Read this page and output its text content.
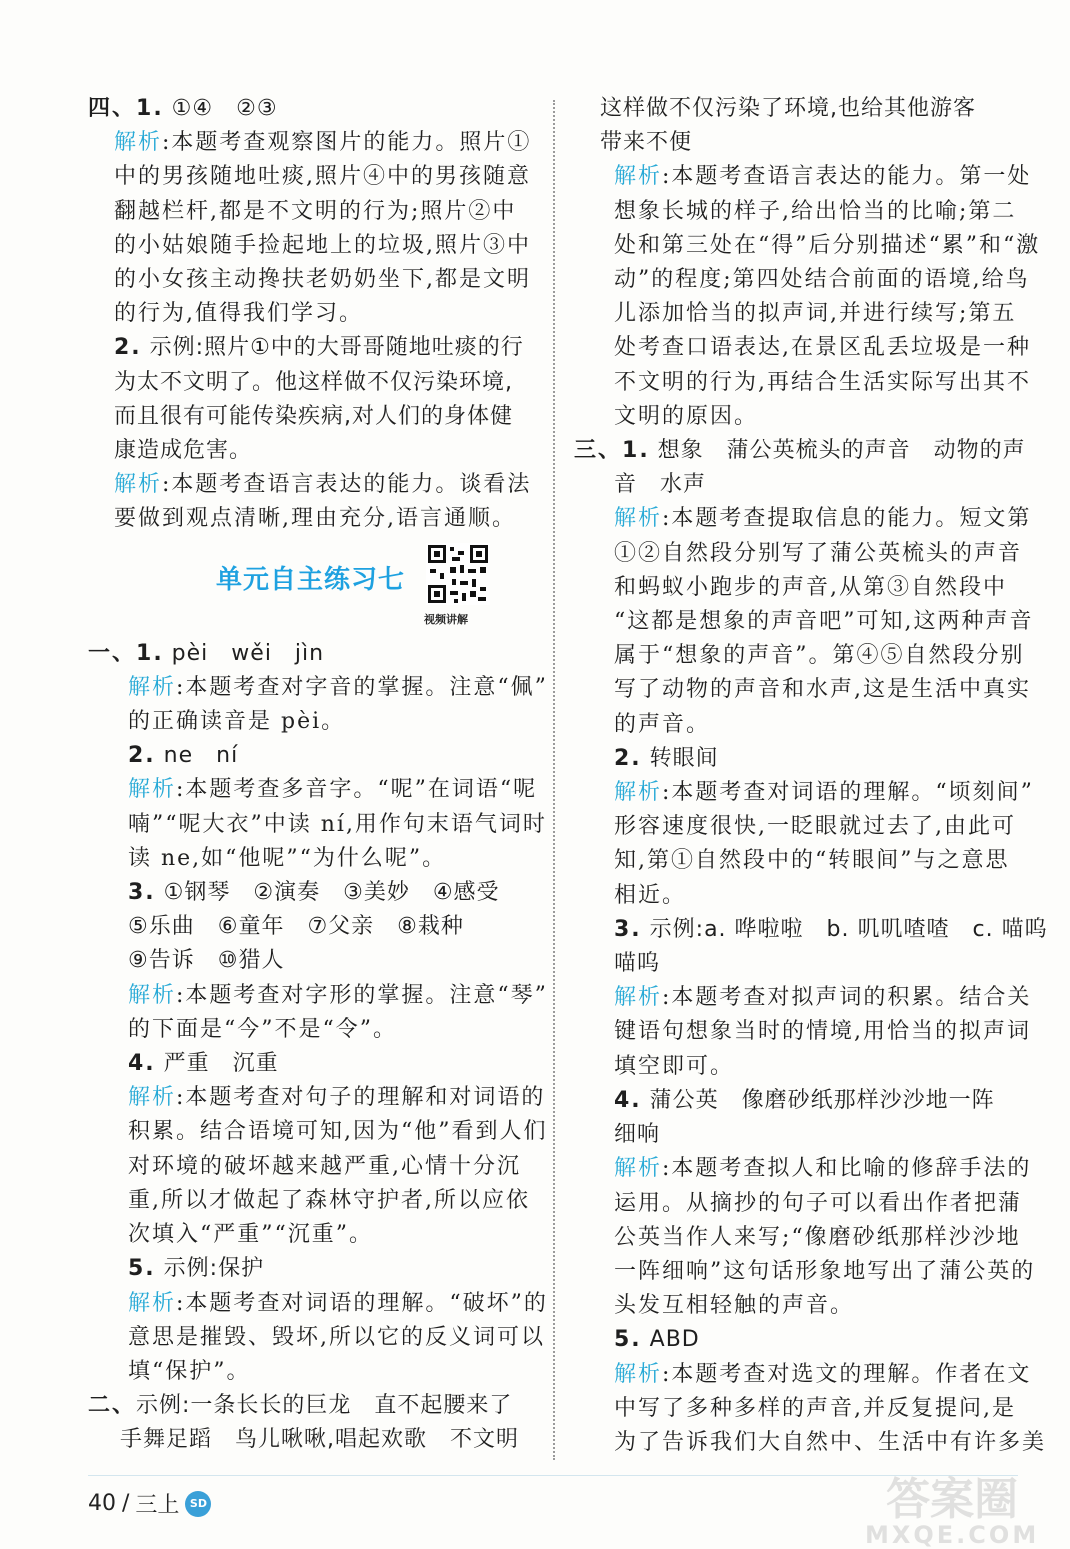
四、1. ①④　②③
解析:本题考查观察图片的能力。照片①
中的男孩随地吐痰,照片④中的男孩随意
翻越栏杆,都是不文明的行为;照片②中
的小姑娘随手捡起地上的垃圾,照片③中
的小女孩主动搀扶老奶奶坐下,都是文明
的行为,值得我们学习。
2. 示例:照片①中的大哥哥随地吐痰的行
为太不文明了。他这样做不仅污染环境,
而且很有可能传染疾病,对人们的身体健
康造成危害。
解析:本题考查语言表达的能力。谈看法
要做到观点清晰,理由充分,语言通顺。
单元自主练习七
视频讲解
一、1. pèi　wěi　jìn
解析:本题考查对字音的掌握。注意“佩”
的正确读音是 pèi。
2. ne　ní
解析:本题考查多音字。“呢”在词语“呢
喃”“呢大衣”中读 ní,用作句末语气词时
读 ne,如“他呢”“为什么呢”。
3. ①钢琴　②演奏　③美妙　④感受
⑤乐曲　⑥童年　⑦父亲　⑧栽种
⑨告诉　⑩猎人
解析:本题考查对字形的掌握。注意“琴”
的下面是“今”不是“令”。
4. 严重　沉重
解析:本题考查对句子的理解和对词语的
积累。结合语境可知,因为“他”看到人们
对环境的破坏越来越严重,心情十分沉
重,所以才做起了森林守护者,所以应依
次填入“严重”“沉重”。
5. 示例:保护
解析:本题考查对词语的理解。“破坏”的
意思是摧毁、毁坏,所以它的反义词可以
填“保护”。
二、示例:一条长长的巨龙　直不起腰来了
手舞足蹈　鸟儿啾啾,唱起欢歌　不文明
这样做不仅污染了环境,也给其他游客
带来不便
解析:本题考查语言表达的能力。第一处
想象长城的样子,给出恰当的比喻;第二
处和第三处在“得”后分别描述“累”和“激
动”的程度;第四处结合前面的语境,给鸟
儿添加恰当的拟声词,并进行续写;第五
处考查口语表达,在景区乱丢垃圾是一种
不文明的行为,再结合生活实际写出其不
文明的原因。
三、1. 想象　蒲公英梳头的声音　动物的声
音　水声
解析:本题考查提取信息的能力。短文第
①②自然段分别写了蒲公英梳头的声音
和蚂蚁小跑步的声音,从第③自然段中
“这都是想象的声音吧”可知,这两种声音
属于“想象的声音”。第④⑤自然段分别
写了动物的声音和水声,这是生活中真实
的声音。
2. 转眼间
解析:本题考查对词语的理解。“顷刻间”
形容速度很快,一眨眼就过去了,由此可
知,第①自然段中的“转眼间”与之意思
相近。
3. 示例:a. 哗啦啦　b. 叽叽喳喳　c. 喵呜
喵呜
解析:本题考查对拟声词的积累。结合关
键语句想象当时的情境,用恰当的拟声词
填空即可。
4. 蒲公英　像磨砂纸那样沙沙地一阵
细响
解析:本题考查拟人和比喻的修辞手法的
运用。从摘抄的句子可以看出作者把蒲
公英当作人来写;“像磨砂纸那样沙沙地
一阵细响”这句话形象地写出了蒲公英的
头发互相轻触的声音。
5. ABD
解析:本题考查对选文的理解。作者在文
中写了多种多样的声音,并反复提问,是
为了告诉我们大自然中、生活中有许多美
40 / 三上 SD	答案圈
MXQE.COM
